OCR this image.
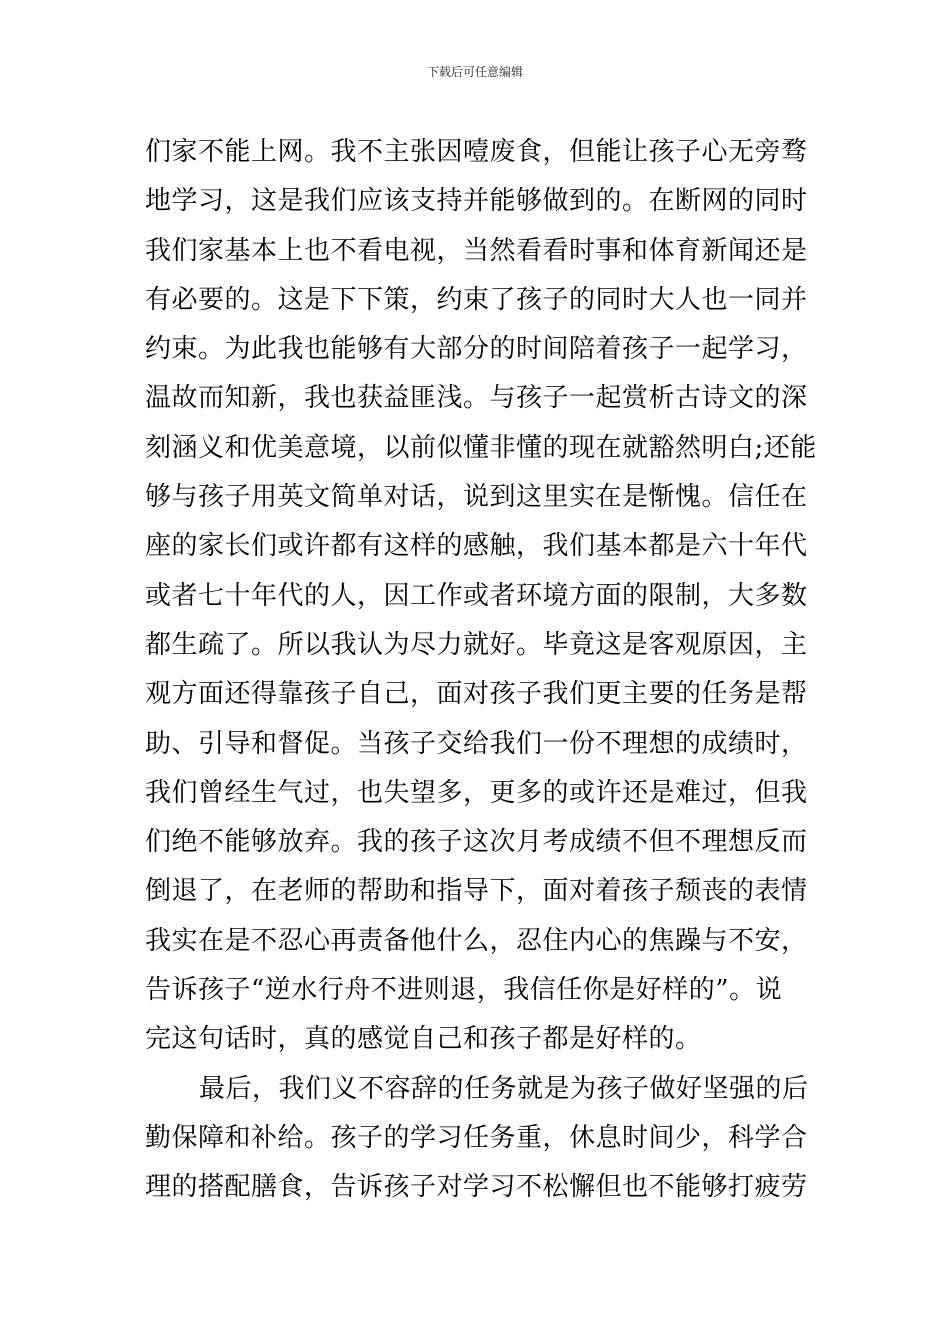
下载后可任意编辑
们家不能上网。我不主张因噎废食，但能让孩子心无旁骛
地学习，这是我们应该支持并能够做到的。在断网的同时
我们家基本上也不看电视，当然看看时事和体育新闻还是
有必要的。这是下下策，约束了孩子的同时大人也一同并
约束。为此我也能够有大部分的时间陪着孩子一起学习，
温故而知新，我也获益匪浅。与孩子一起赏析古诗文的深
刻涵义和优美意境，以前似懂非懂的现在就豁然明白;还能
够与孩子用英文简单对话，说到这里实在是惭愧。信任在
座的家长们或许都有这样的感触，我们基本都是六十年代
或者七十年代的人，因工作或者环境方面的限制，大多数
都生疏了。所以我认为尽力就好。毕竟这是客观原因，主
观方面还得靠孩子自己，面对孩子我们更主要的任务是帮
助、引导和督促。当孩子交给我们一份不理想的成绩时，
我们曾经生气过，也失望多，更多的或许还是难过，但我
们绝不能够放弃。我的孩子这次月考成绩不但不理想反而
倒退了，在老师的帮助和指导下，面对着孩子颓丧的表情
我实在是不忍心再责备他什么，忍住内心的焦躁与不安，
告诉孩子“逆水行舟不进则退，我信任你是好样的”。说
完这句话时，真的感觉自己和孩子都是好样的。
最后，我们义不容辞的任务就是为孩子做好坚强的后
勤保障和补给。孩子的学习任务重，休息时间少，科学合
理的搭配膳食，告诉孩子对学习不松懈但也不能够打疲劳
